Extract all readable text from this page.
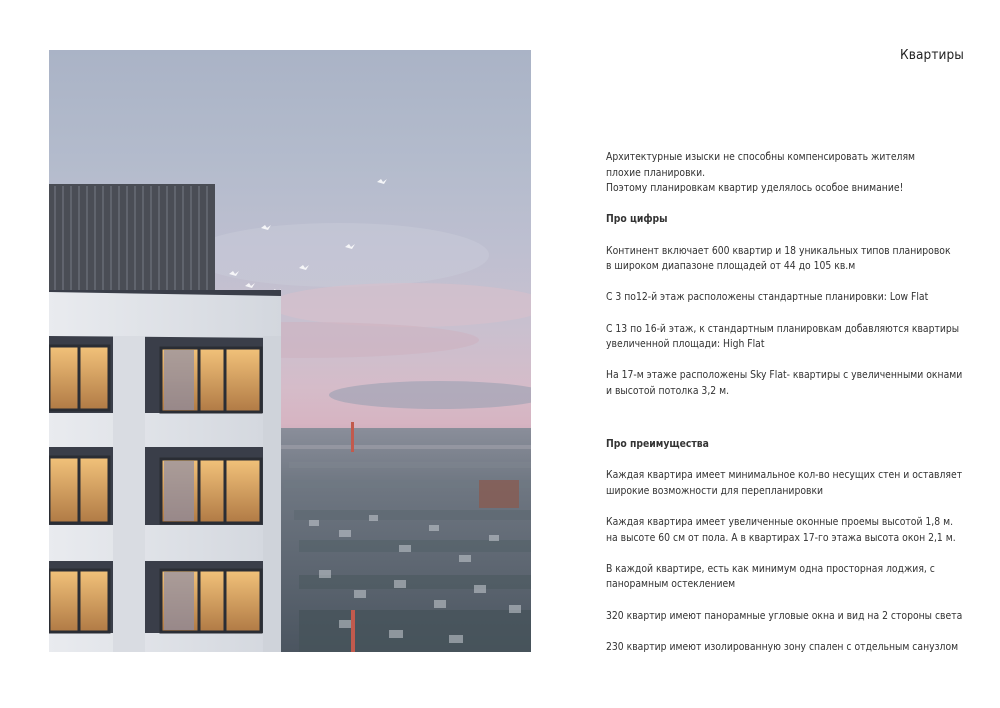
Квартиры

Архитектурные изыски не способны компенсировать жителям

плохие планировки.

Поэтому планировкам квартир уделялось особое внимание!

Про цифры

Континент включает 600 квартир и 18 уникальных типов планировок

в широком диапазоне площадей от 44 до 105 кв.м

С 3 по12-й этаж расположены стандартные планировки: Low Flat

С 13 по 16-й этаж, к стандартным планировкам добавляются квартиры

увеличенной площади: High Flat

На 17-м этаже расположены Sky Flat- квартиры с увеличенными окнами

и высотой потолка 3,2 м.

Про преимущества

Каждая квартира имеет минимальное кол-во несущих стен и оставляет

широкие возможности для перепланировки

Каждая квартира имеет увеличенные оконные проемы высотой 1,8 м.

на высоте 60 см от пола. А в квартирах 17-го этажа высота окон 2,1 м.

В каждой квартире, есть как минимум одна просторная лоджия, с

панорамным остеклением

320 квартир имеют панорамные угловые окна и вид на 2 стороны света

230 квартир имеют изолированную зону спален с отдельным санузлом
